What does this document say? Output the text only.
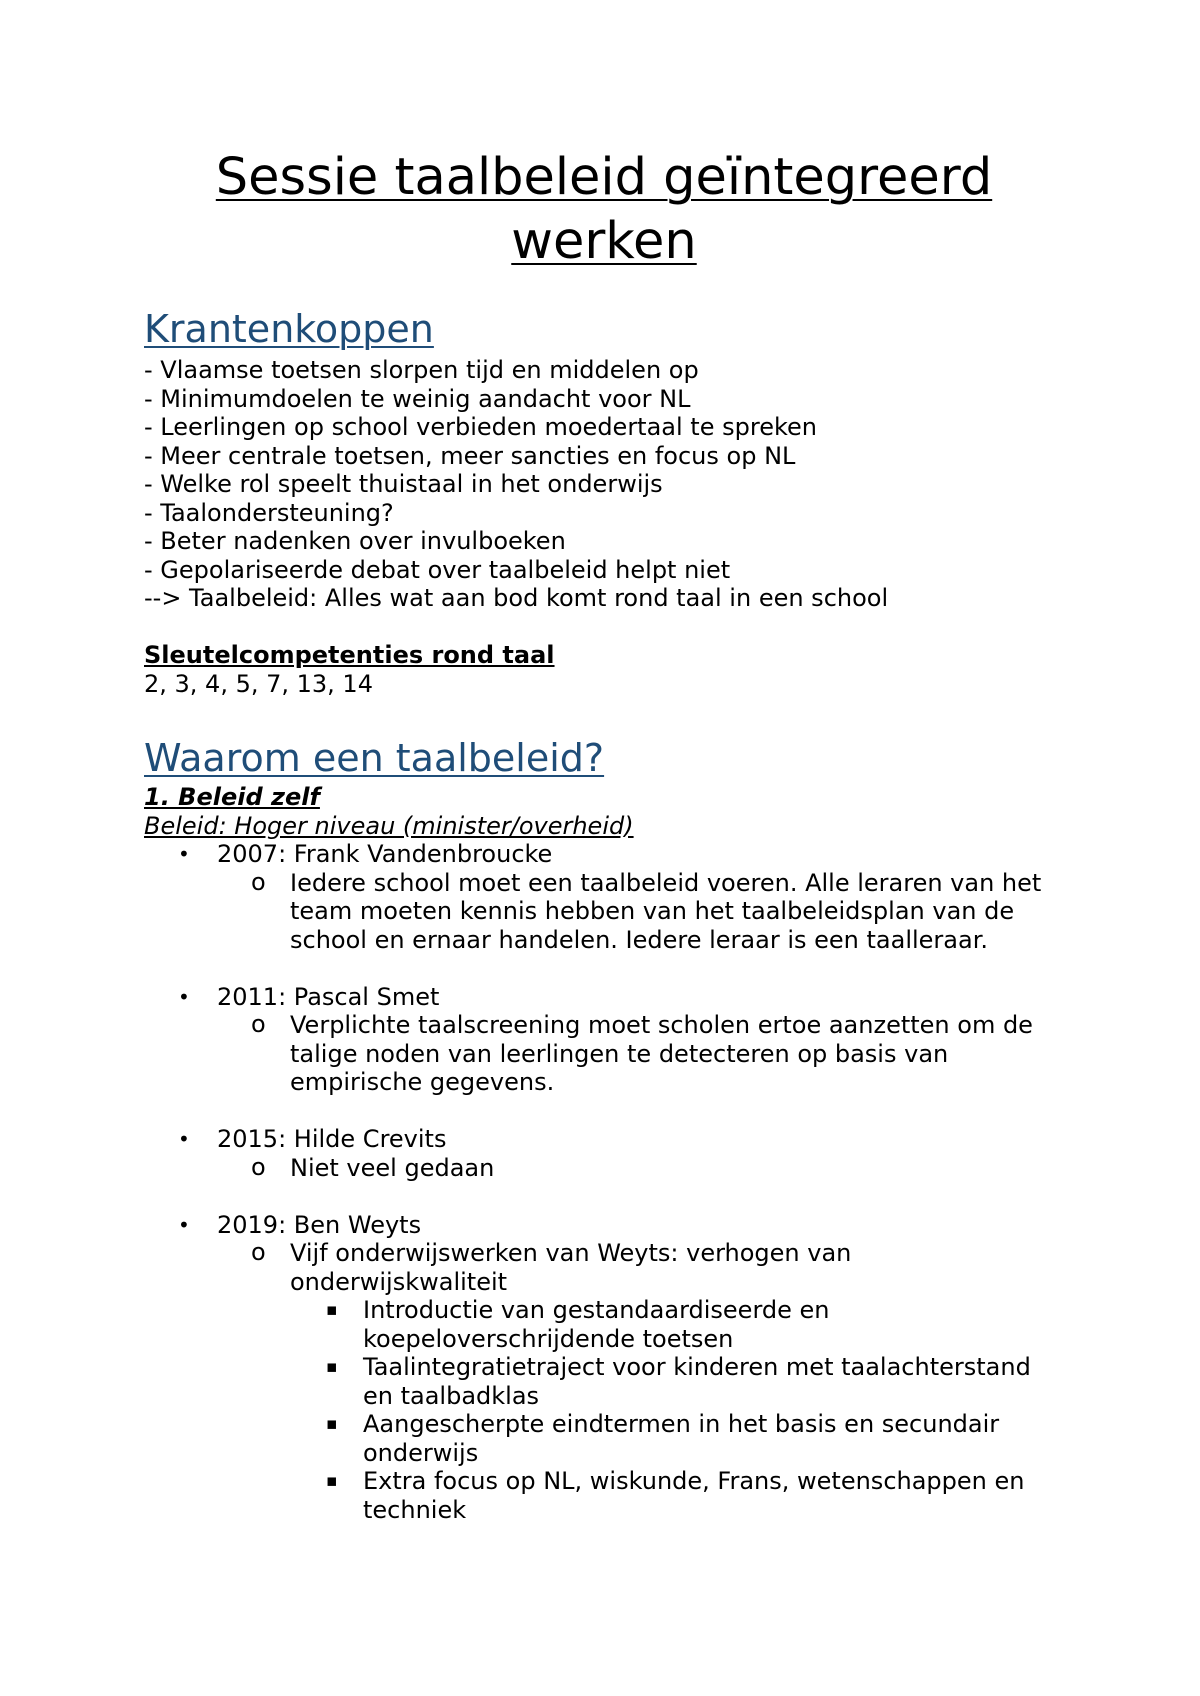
Sessie taalbeleid geïntegreerd
werken
Krantenkoppen

- Vlaamse toetsen slorpen tijd en middelen op

- Minimumdoelen te weinig aandacht voor NL

- Leerlingen op school verbieden moedertaal te spreken

- Meer centrale toetsen, meer sancties en focus op NL

- Welke rol speelt thuistaal in het onderwijs

- Taalondersteuning?

- Beter nadenken over invulboeken

- Gepolariseerde debat over taalbeleid helpt niet

--> Taalbeleid: Alles wat aan bod komt rond taal in een school

Sleutelcompetenties rond taal

2, 3, 4, 5, 7, 13, 14

Waarom een taalbeleid?

1. Beleid zelf

Beleid: Hoger niveau (minister/overheid)

• 2007: Frank Vandenbroucke
o Iedere school moet een taalbeleid voeren. Alle leraren van het
team moeten kennis hebben van het taalbeleidsplan van de
school en ernaar handelen. Iedere leraar is een taalleraar.
• 2011: Pascal Smet
o Verplichte taalscreening moet scholen ertoe aanzetten om de
talige noden van leerlingen te detecteren op basis van
empirische gegevens.
• 2015: Hilde Crevits
o Niet veel gedaan
• 2019: Ben Weyts
o Vijf onderwijswerken van Weyts: verhogen van
onderwijskwaliteit
▪ Introductie van gestandaardiseerde en
koepeloverschrijdende toetsen
▪ Taalintegratietraject voor kinderen met taalachterstand
en taalbadklas
▪ Aangescherpte eindtermen in het basis en secundair
onderwijs
▪ Extra focus op NL, wiskunde, Frans, wetenschappen en
techniek
